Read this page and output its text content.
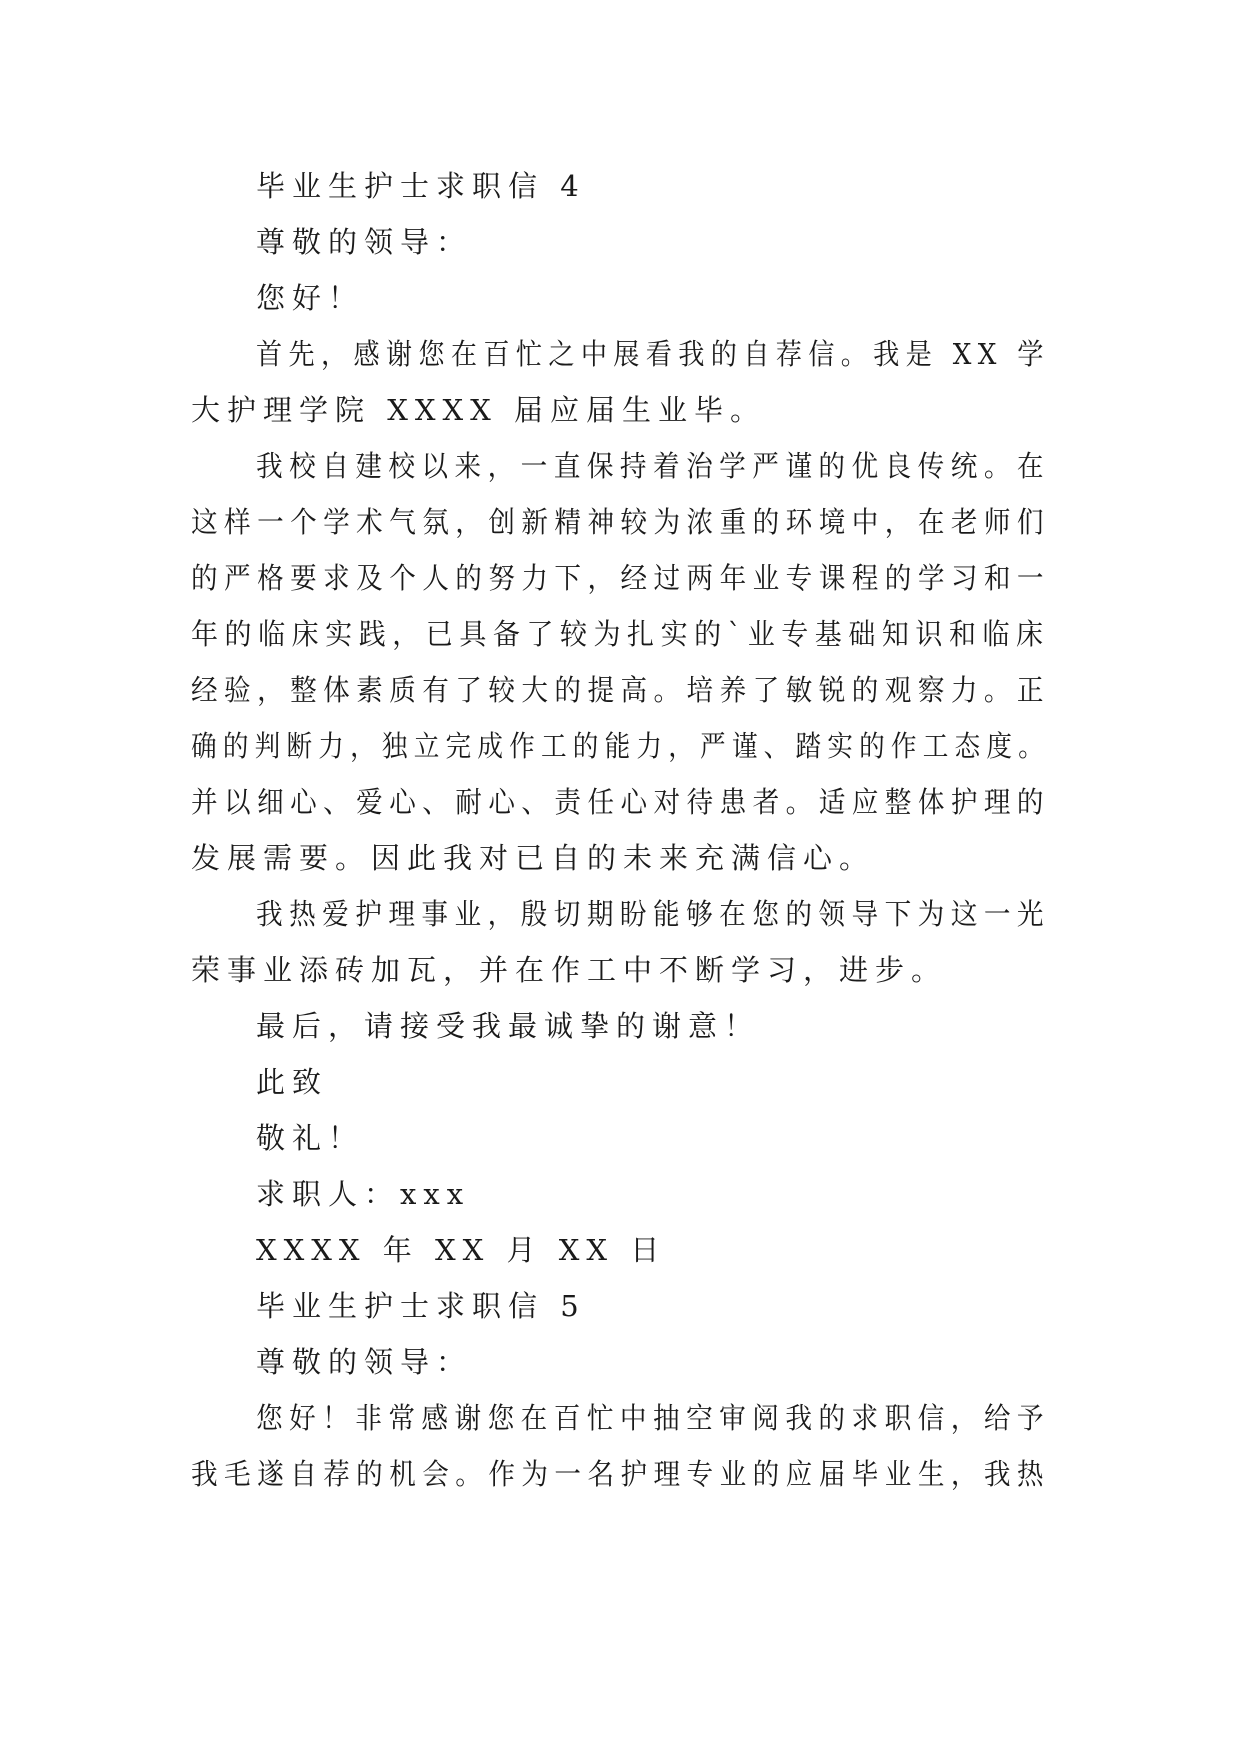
毕业生护士求职信 4
尊敬的领导：
您好！
首先，感谢您在百忙之中展看我的自荐信。我是 XX 学
大护理学院 XXXX 届应届生业毕。
我校自建校以来，一直保持着治学严谨的优良传统。在
这样一个学术气氛，创新精神较为浓重的环境中，在老师们
的严格要求及个人的努力下，经过两年业专课程的学习和一
年的临床实践，已具备了较为扎实的`业专基础知识和临床
经验，整体素质有了较大的提高。培养了敏锐的观察力。正
确的判断力，独立完成作工的能力，严谨、踏实的作工态度。
并以细心、爱心、耐心、责任心对待患者。适应整体护理的
发展需要。因此我对已自的未来充满信心。
我热爱护理事业，殷切期盼能够在您的领导下为这一光
荣事业添砖加瓦，并在作工中不断学习，进步。
最后，请接受我最诚挚的谢意！
此致
敬礼！
求职人：xxx
XXXX 年 XX 月 XX 日
毕业生护士求职信 5
尊敬的领导：
您好！非常感谢您在百忙中抽空审阅我的求职信，给予
我毛遂自荐的机会。作为一名护理专业的应届毕业生，我热
